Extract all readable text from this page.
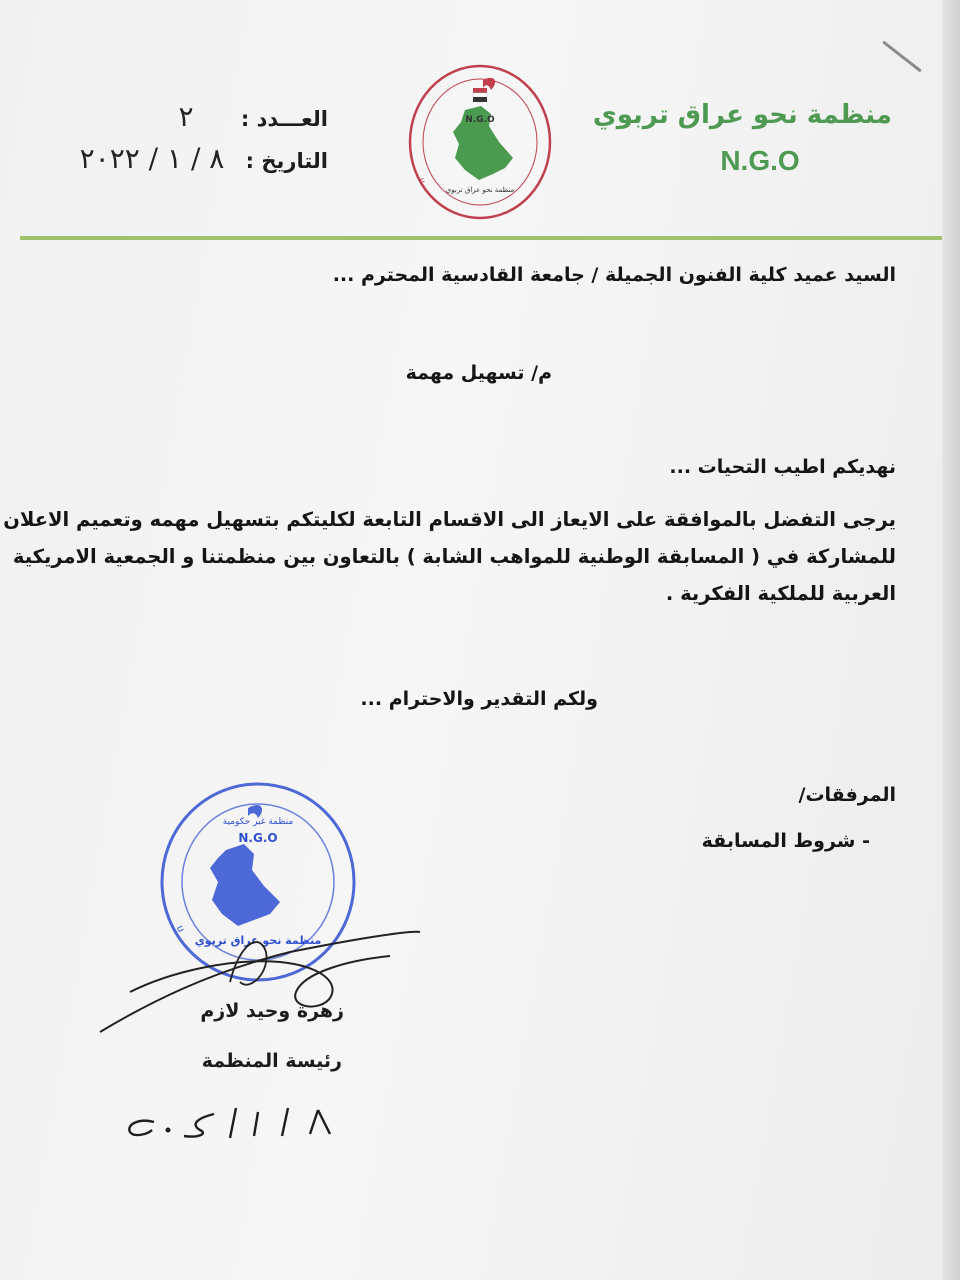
منظمة نحو عراق تربوي
N.G.O
N.G.O
منظمة نحو عراق تربوي
n
العـــدد : ٢
التاريخ : ٨ / ١ / ٢٠٢٢
السيد عميد كلية الفنون الجميلة / جامعة القادسية المحترم ...
م/ تسهيل مهمة
نهديكم اطيب التحيات ...
يرجى التفضل بالموافقة على الايعاز الى الاقسام التابعة لكليتكم بتسهيل مهمه وتعميم الاعلان
للمشاركة في ( المسابقة الوطنية للمواهب الشابة ) بالتعاون بين منظمتنا و الجمعية الامريكية
العربية للملكية الفكرية .
ولكم التقدير والاحترام ...
المرفقات/
- شروط المسابقة
N.G.O
منظمة غير حكومية
منظمة نحو عراق تربوي
n
زهرة وحيد لازم
رئيسة المنظمة
